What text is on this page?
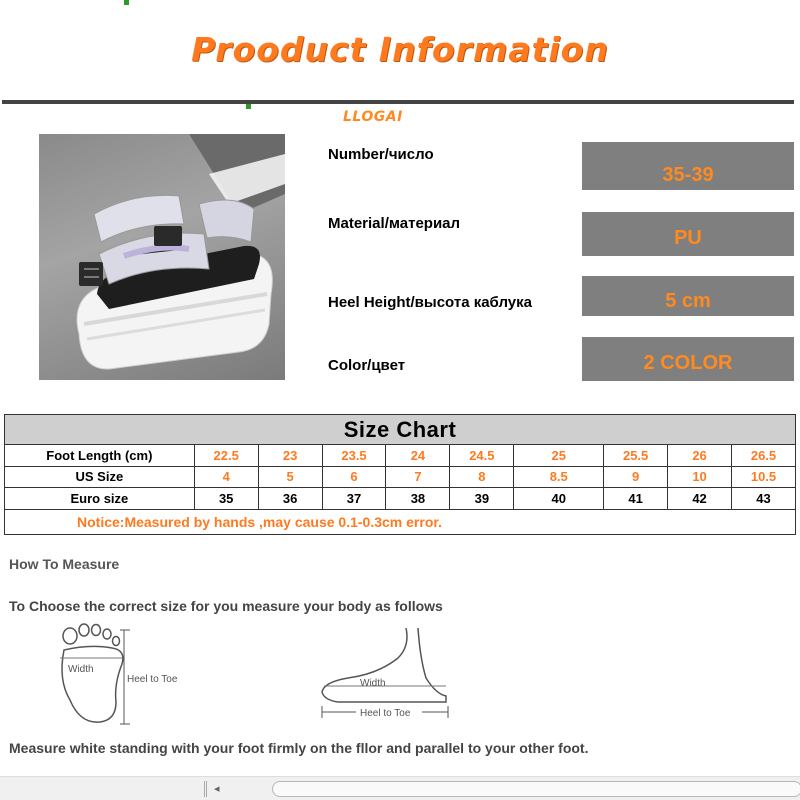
Prooduct Information
LLOGAI
Number/число
35-39
Material/материал
PU
Heel Height/высота каблука	5 cm
Color/цвет	2 COLOR
Size Chart									
Foot Length (cm)	22.5	23	23.5	24	24.5	25	25.5	26	26.5
US Size	4	5	6	7	8	8.5	9	10	10.5
Euro size	35	36	37	38	39	40	41	42	43
Notice:Measured by hands ,may cause 0.1-0.3cm error.									
How To Measure
To Choose the correct size for you measure your body as follows
Width
Heel to Toe	Width
Heel to Toe
Measure white standing with your foot firmly on the fllor and parallel to your other foot.
◂
